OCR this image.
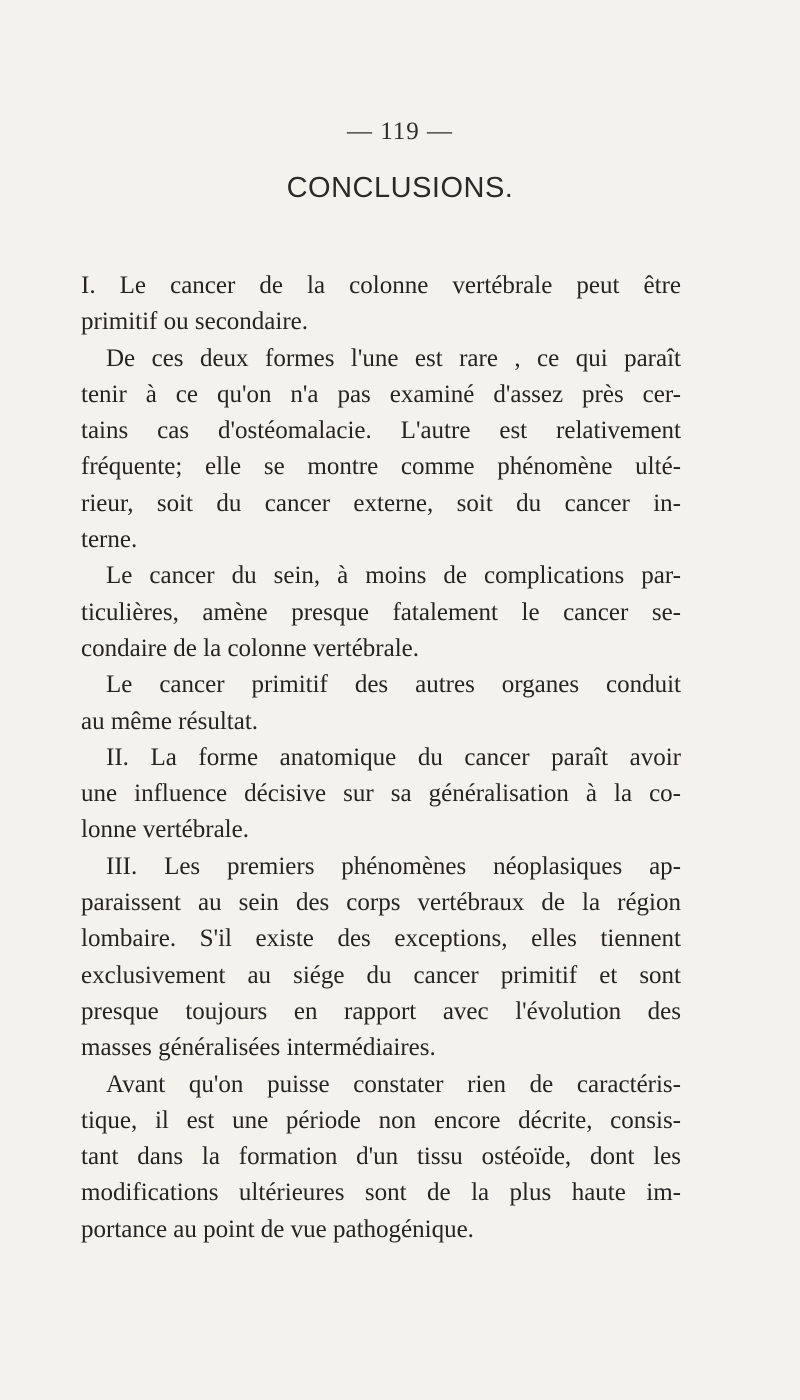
— 119 —
CONCLUSIONS.
I. Le cancer de la colonne vertébrale peut être
primitif ou secondaire.
De ces deux formes l'une est rare , ce qui paraît
tenir à ce qu'on n'a pas examiné d'assez près cer-
tains cas d'ostéomalacie. L'autre est relativement
fréquente; elle se montre comme phénomène ulté-
rieur, soit du cancer externe, soit du cancer in-
terne.
Le cancer du sein, à moins de complications par-
ticulières, amène presque fatalement le cancer se-
condaire de la colonne vertébrale.
Le cancer primitif des autres organes conduit
au même résultat.
II. La forme anatomique du cancer paraît avoir
une influence décisive sur sa généralisation à la co-
lonne vertébrale.
III. Les premiers phénomènes néoplasiques ap-
paraissent au sein des corps vertébraux de la région
lombaire. S'il existe des exceptions, elles tiennent
exclusivement au siége du cancer primitif et sont
presque toujours en rapport avec l'évolution des
masses généralisées intermédiaires.
Avant qu'on puisse constater rien de caractéris-
tique, il est une période non encore décrite, consis-
tant dans la formation d'un tissu ostéoïde, dont les
modifications ultérieures sont de la plus haute im-
portance au point de vue pathogénique.
